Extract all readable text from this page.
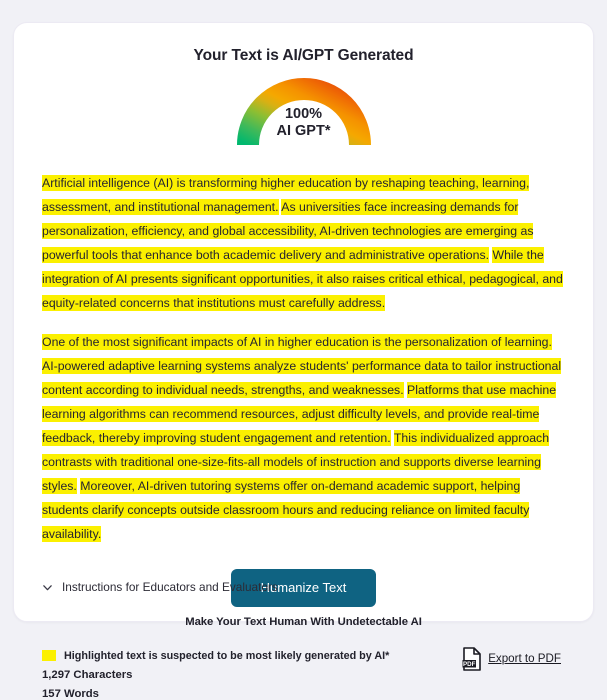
Your Text is AI/GPT Generated
100%
AI GPT*

Artificial intelligence (AI) is transforming higher education by reshaping teaching, learning, assessment, and institutional management. As universities face increasing demands for personalization, efficiency, and global accessibility, AI-driven technologies are emerging as powerful tools that enhance both academic delivery and administrative operations. While the integration of AI presents significant opportunities, it also raises critical ethical, pedagogical, and equity-related concerns that institutions must carefully address.

One of the most significant impacts of AI in higher education is the personalization of learning. AI-powered adaptive learning systems analyze students' performance data to tailor instructional content according to individual needs, strengths, and weaknesses. Platforms that use machine learning algorithms can recommend resources, adjust difficulty levels, and provide real-time feedback, thereby improving student engagement and retention. This individualized approach contrasts with traditional one-size-fits-all models of instruction and supports diverse learning styles. Moreover, AI-driven tutoring systems offer on-demand academic support, helping students clarify concepts outside classroom hours and reducing reliance on limited faculty availability.

Humanize Text

Make Your Text Human With Undetectable AI

Highlighted text is suspected to be most likely generated by AI*
1,297 Characters
157 Words
PDF Export to PDF
Instructions for Educators and Evaluators
